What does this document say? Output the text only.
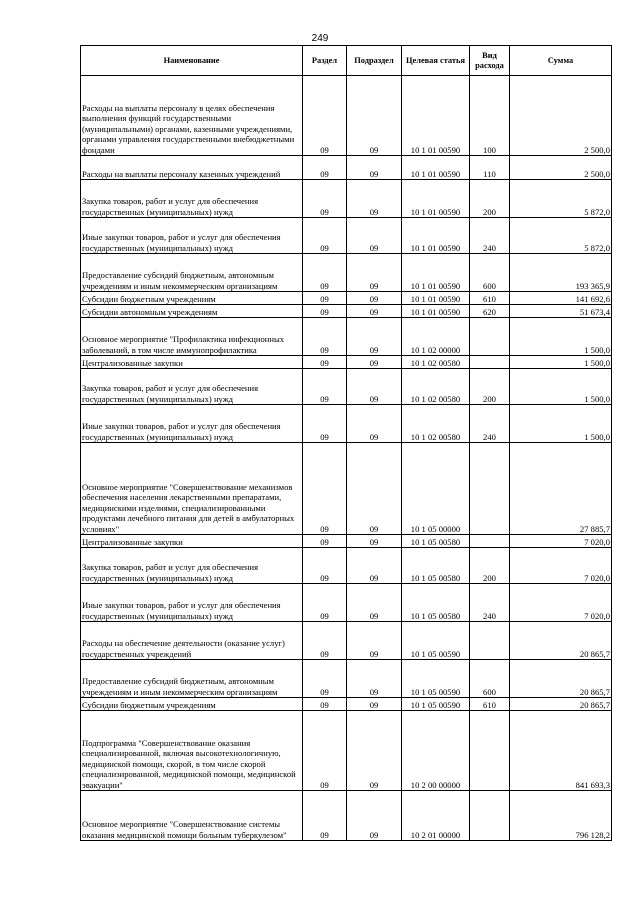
249
Наименование	Раздел	Подраздел	Целевая статья	Вид расхода	Сумма
Расходы на выплаты персоналу в целях обеспечения выполнения функций государственными (муниципальными) органами, казенными учреждениями, органами управления государственными внебюджетными фондами	09	09	10 1 01 00590	100	2 500,0
Расходы на выплаты персоналу казенных учреждений	09	09	10 1 01 00590	110	2 500,0
Закупка товаров, работ и услуг для обеспечения государственных (муниципальных) нужд	09	09	10 1 01 00590	200	5 872,0
Иные закупки товаров, работ и услуг для обеспечения государственных (муниципальных) нужд	09	09	10 1 01 00590	240	5 872,0
Предоставление субсидий бюджетным, автономным учреждениям и иным некоммерческим организациям	09	09	10 1 01 00590	600	193 365,9
Субсидии бюджетным учреждениям	09	09	10 1 01 00590	610	141 692,6
Субсидии автономным учреждениям	09	09	10 1 01 00590	620	51 673,4
Основное мероприятие "Профилактика инфекционных заболеваний, в том числе иммунопрофилактика	09	09	10 1 02 00000		1 500,0
Централизованные закупки	09	09	10 1 02 00580		1 500,0
Закупка товаров, работ и услуг для обеспечения государственных (муниципальных) нужд	09	09	10 1 02 00580	200	1 500,0
Иные закупки товаров, работ и услуг для обеспечения государственных (муниципальных) нужд	09	09	10 1 02 00580	240	1 500,0
Основное мероприятие "Совершенствование механизмов обеспечения населения лекарственными препаратами, медицинскими изделиями, специализированными продуктами лечебного питания для детей в амбулаторных условиях"	09	09	10 1 05 00000		27 885,7
Централизованные закупки	09	09	10 1 05 00580		7 020,0
Закупка товаров, работ и услуг для обеспечения государственных (муниципальных) нужд	09	09	10 1 05 00580	200	7 020,0
Иные закупки товаров, работ и услуг для обеспечения государственных (муниципальных) нужд	09	09	10 1 05 00580	240	7 020,0
Расходы на обеспечение деятельности (оказание услуг) государственных учреждений	09	09	10 1 05 00590		20 865,7
Предоставление субсидий бюджетным, автономным учреждениям и иным некоммерческим организациям	09	09	10 1 05 00590	600	20 865,7
Субсидии бюджетным учреждениям	09	09	10 1 05 00590	610	20 865,7
Подпрограмма "Совершенствование оказания специализированной, включая высокотехнологичную, медицинской помощи, скорой, в том числе скорой специализированной, медицинской помощи, медицинской эвакуации"	09	09	10 2 00 00000		841 693,3
Основное мероприятие "Совершенствование системы оказания медицинской помощи больным туберкулезом"	09	09	10 2 01 00000		796 128,2
